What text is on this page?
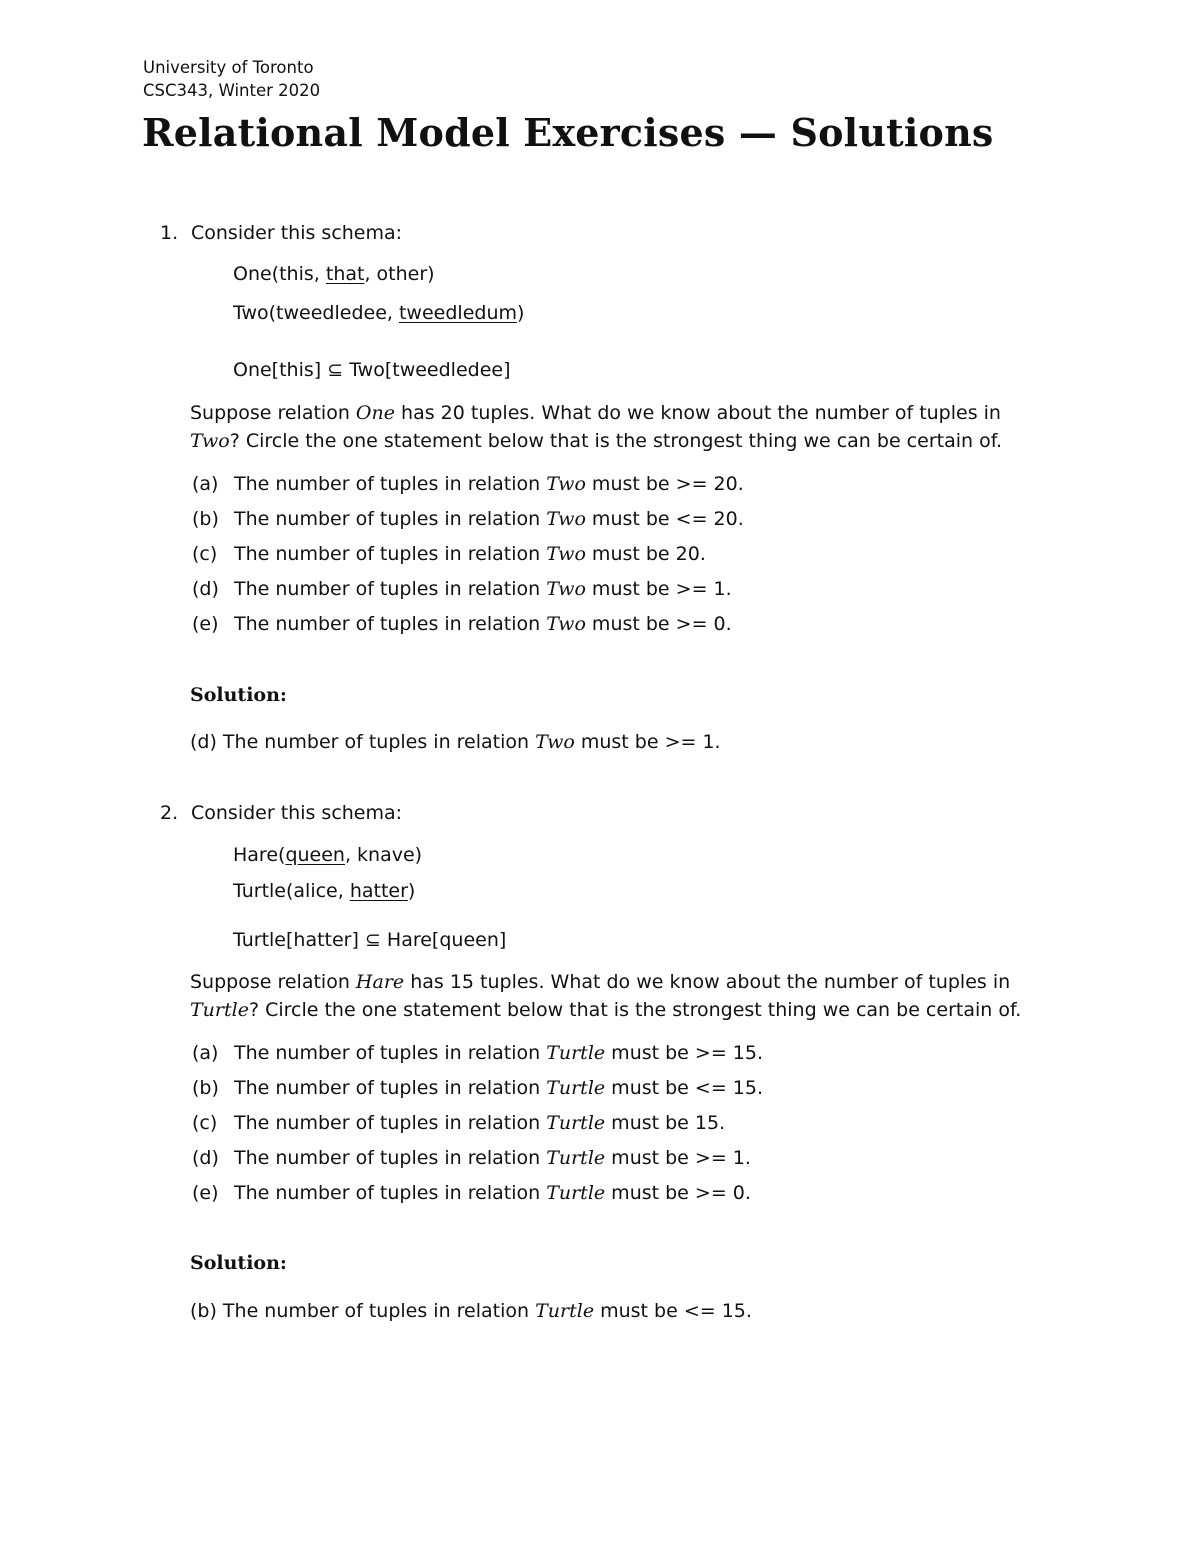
University of Toronto
CSC343, Winter 2020
Relational Model Exercises — Solutions
1. Consider this schema:
One(this, that, other)
Two(tweedledee, tweedledum)
One[this] ⊆ Two[tweedledee]
Suppose relation One has 20 tuples. What do we know about the number of tuples in
Two? Circle the one statement below that is the strongest thing we can be certain of.
(a) The number of tuples in relation Two must be >= 20.
(b) The number of tuples in relation Two must be <= 20.
(c) The number of tuples in relation Two must be 20.
(d) The number of tuples in relation Two must be >= 1.
(e) The number of tuples in relation Two must be >= 0.
Solution:
(d) The number of tuples in relation Two must be >= 1.
2. Consider this schema:
Hare(queen, knave)
Turtle(alice, hatter)
Turtle[hatter] ⊆ Hare[queen]
Suppose relation Hare has 15 tuples. What do we know about the number of tuples in
Turtle? Circle the one statement below that is the strongest thing we can be certain of.
(a) The number of tuples in relation Turtle must be >= 15.
(b) The number of tuples in relation Turtle must be <= 15.
(c) The number of tuples in relation Turtle must be 15.
(d) The number of tuples in relation Turtle must be >= 1.
(e) The number of tuples in relation Turtle must be >= 0.
Solution:
(b) The number of tuples in relation Turtle must be <= 15.
